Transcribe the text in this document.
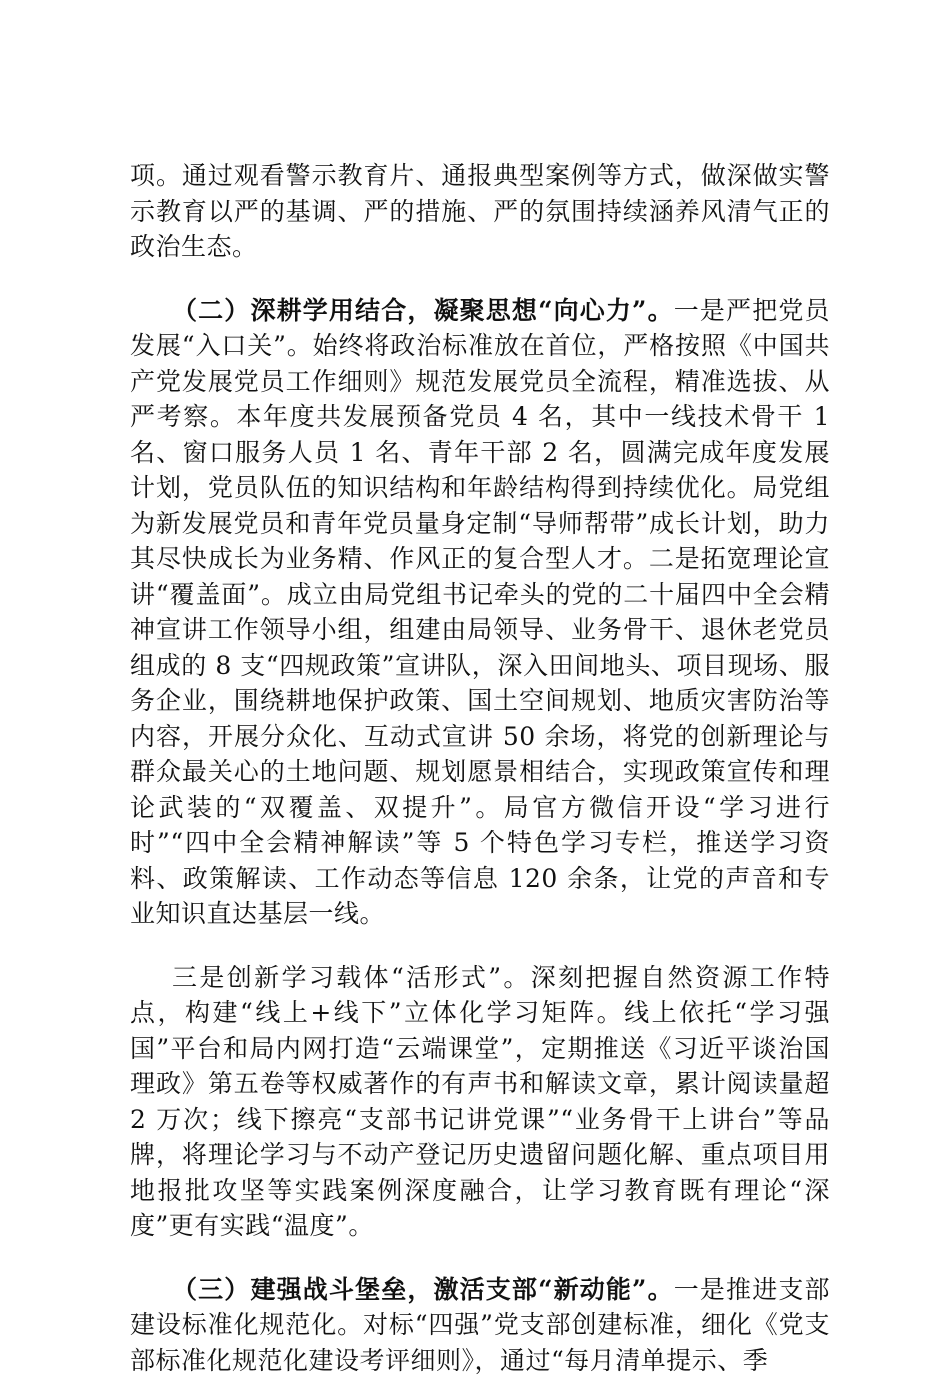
项。通过观看警示教育片、通报典型案例等方式，做深做实警示教育以严的基调、严的措施、严的氛围持续涵养风清气正的政治生态。

（二）深耕学用结合，凝聚思想“向心力”。一是严把党员发展“入口关”。始终将政治标准放在首位，严格按照《中国共产党发展党员工作细则》规范发展党员全流程，精准选拔、从严考察。本年度共发展预备党员 4 名，其中一线技术骨干 1 名、窗口服务人员 1 名、青年干部 2 名，圆满完成年度发展计划，党员队伍的知识结构和年龄结构得到持续优化。局党组为新发展党员和青年党员量身定制“导师帮带”成长计划，助力其尽快成长为业务精、作风正的复合型人才。二是拓宽理论宣讲“覆盖面”。成立由局党组书记牵头的党的二十届四中全会精神宣讲工作领导小组，组建由局领导、业务骨干、退休老党员组成的 8 支“四规政策”宣讲队，深入田间地头、项目现场、服务企业，围绕耕地保护政策、国土空间规划、地质灾害防治等内容，开展分众化、互动式宣讲 50 余场，将党的创新理论与群众最关心的土地问题、规划愿景相结合，实现政策宣传和理论武装的“双覆盖、双提升”。局官方微信开设“学习进行时”“四中全会精神解读”等 5 个特色学习专栏，推送学习资料、政策解读、工作动态等信息 120 余条，让党的声音和专业知识直达基层一线。

三是创新学习载体“活形式”。深刻把握自然资源工作特点，构建“线上+线下”立体化学习矩阵。线上依托“学习强国”平台和局内网打造“云端课堂”，定期推送《习近平谈治国理政》第五卷等权威著作的有声书和解读文章，累计阅读量超 2 万次；线下擦亮“支部书记讲党课”“业务骨干上讲台”等品牌，将理论学习与不动产登记历史遗留问题化解、重点项目用地报批攻坚等实践案例深度融合，让学习教育既有理论“深度”更有实践“温度”。

（三）建强战斗堡垒，激活支部“新动能”。一是推进支部建设标准化规范化。对标“四强”党支部创建标准，细化《党支部标准化规范化建设考评细则》，通过“每月清单提示、季
